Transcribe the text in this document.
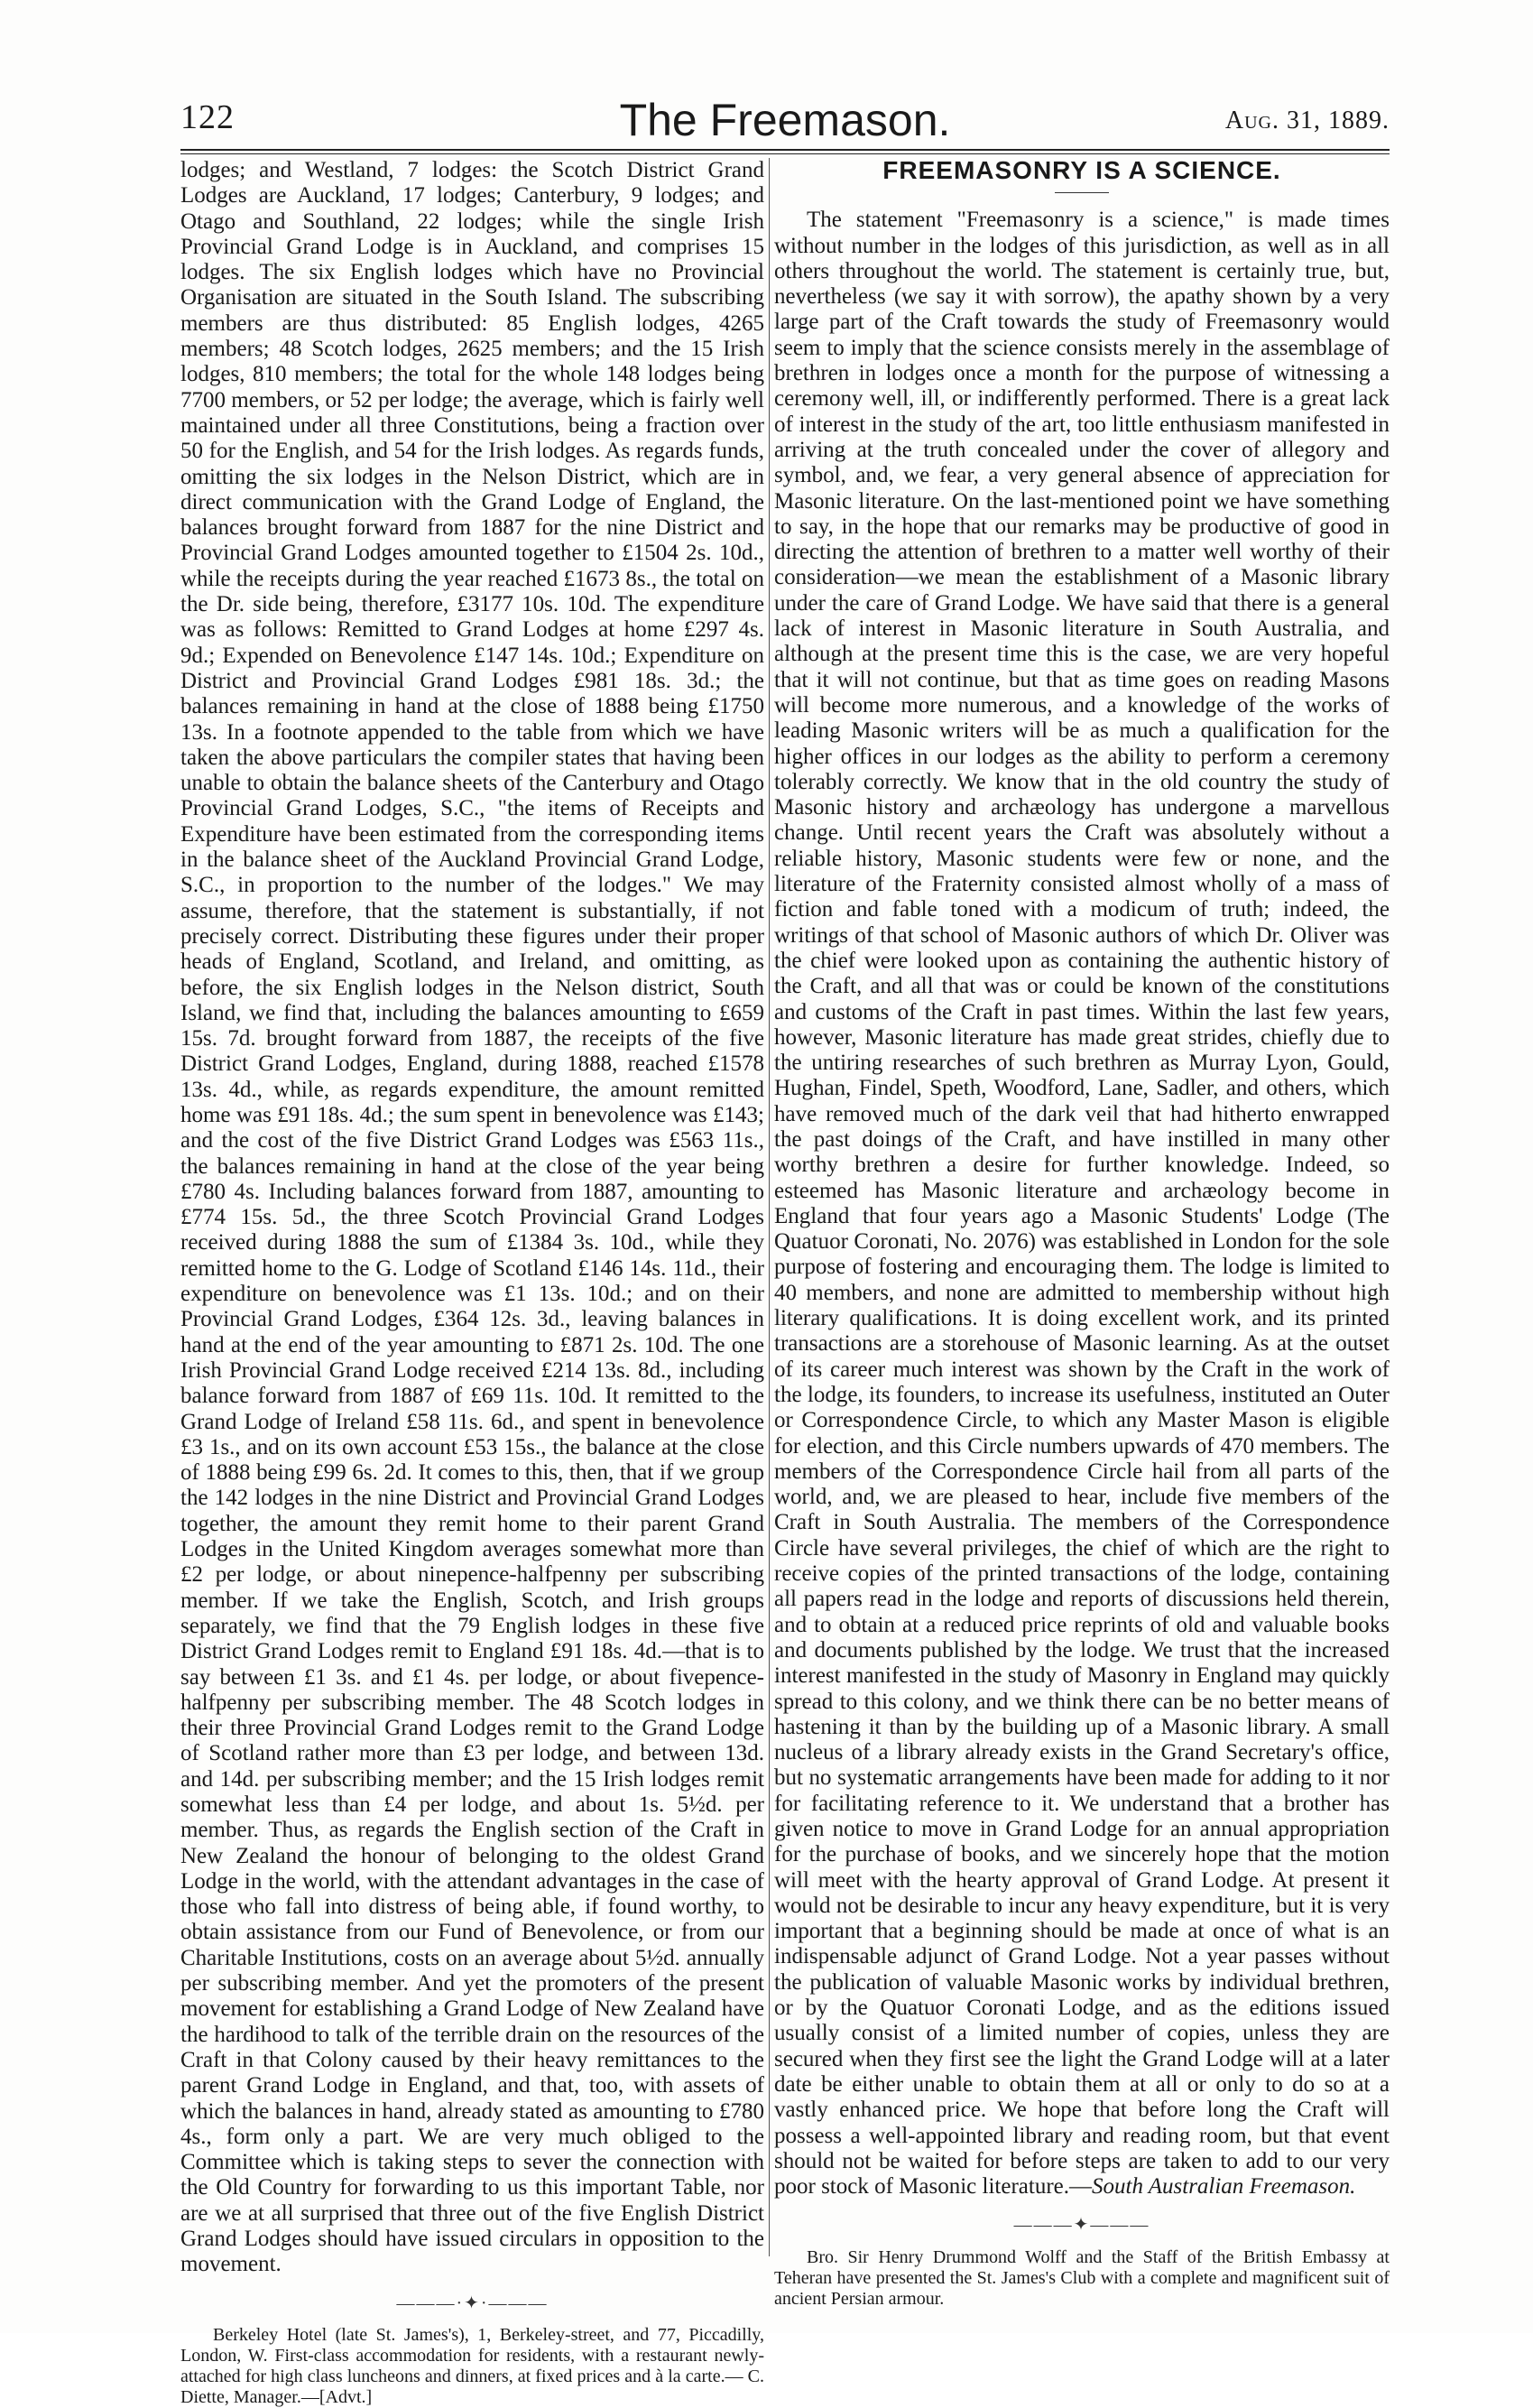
122	The Freemason.	Aug. 31, 1889.

lodges; and Westland, 7 lodges: the Scotch District Grand Lodges are Auckland, 17 lodges; Canterbury, 9 lodges; and Otago and Southland, 22 lodges; while the single Irish Provincial Grand Lodge is in Auckland, and comprises 15 lodges. The six English lodges which have no Provincial Organisation are situated in the South Island. The subscribing members are thus distributed: 85 English lodges, 4265 members; 48 Scotch lodges, 2625 members; and the 15 Irish lodges, 810 members; the total for the whole 148 lodges being 7700 members, or 52 per lodge; the average, which is fairly well maintained under all three Constitutions, being a fraction over 50 for the English, and 54 for the Irish lodges. As regards funds, omitting the six lodges in the Nelson District, which are in direct communication with the Grand Lodge of England, the balances brought forward from 1887 for the nine District and Provincial Grand Lodges amounted together to £1504 2s. 10d., while the receipts during the year reached £1673 8s., the total on the Dr. side being, therefore, £3177 10s. 10d. The expenditure was as follows: Remitted to Grand Lodges at home £297 4s. 9d.; Expended on Benevolence £147 14s. 10d.; Expenditure on District and Provincial Grand Lodges £981 18s. 3d.; the balances remaining in hand at the close of 1888 being £1750 13s. In a footnote appended to the table from which we have taken the above particulars the compiler states that having been unable to obtain the balance sheets of the Canterbury and Otago Provincial Grand Lodges, S.C., "the items of Receipts and Expenditure have been estimated from the corresponding items in the balance sheet of the Auckland Provincial Grand Lodge, S.C., in proportion to the number of the lodges." We may assume, therefore, that the statement is substantially, if not precisely correct. Distributing these figures under their proper heads of England, Scotland, and Ireland, and omitting, as before, the six English lodges in the Nelson district, South Island, we find that, including the balances amounting to £659 15s. 7d. brought forward from 1887, the receipts of the five District Grand Lodges, England, during 1888, reached £1578 13s. 4d., while, as regards expenditure, the amount remitted home was £91 18s. 4d.; the sum spent in benevolence was £143; and the cost of the five District Grand Lodges was £563 11s., the balances remaining in hand at the close of the year being £780 4s. Including balances forward from 1887, amounting to £774 15s. 5d., the three Scotch Provincial Grand Lodges received during 1888 the sum of £1384 3s. 10d., while they remitted home to the G. Lodge of Scotland £146 14s. 11d., their expenditure on benevolence was £1 13s. 10d.; and on their Provincial Grand Lodges, £364 12s. 3d., leaving balances in hand at the end of the year amounting to £871 2s. 10d. The one Irish Provincial Grand Lodge received £214 13s. 8d., including balance forward from 1887 of £69 11s. 10d. It remitted to the Grand Lodge of Ireland £58 11s. 6d., and spent in benevolence £3 1s., and on its own account £53 15s., the balance at the close of 1888 being £99 6s. 2d. It comes to this, then, that if we group the 142 lodges in the nine District and Provincial Grand Lodges together, the amount they remit home to their parent Grand Lodges in the United Kingdom averages somewhat more than £2 per lodge, or about ninepence-halfpenny per subscribing member. If we take the English, Scotch, and Irish groups separately, we find that the 79 English lodges in these five District Grand Lodges remit to England £91 18s. 4d.—that is to say between £1 3s. and £1 4s. per lodge, or about fivepence-halfpenny per subscribing member. The 48 Scotch lodges in their three Provincial Grand Lodges remit to the Grand Lodge of Scotland rather more than £3 per lodge, and between 13d. and 14d. per subscribing member; and the 15 Irish lodges remit somewhat less than £4 per lodge, and about 1s. 5½d. per member. Thus, as regards the English section of the Craft in New Zealand the honour of belonging to the oldest Grand Lodge in the world, with the attendant advantages in the case of those who fall into distress of being able, if found worthy, to obtain assistance from our Fund of Benevolence, or from our Charitable Institutions, costs on an average about 5½d. annually per subscribing member. And yet the promoters of the present movement for establishing a Grand Lodge of New Zealand have the hardihood to talk of the terrible drain on the resources of the Craft in that Colony caused by their heavy remittances to the parent Grand Lodge in England, and that, too, with assets of which the balances in hand, already stated as amounting to £780 4s., form only a part. We are very much obliged to the Committee which is taking steps to sever the connection with the Old Country for forwarding to us this important Table, nor are we at all surprised that three out of the five English District Grand Lodges should have issued circulars in opposition to the movement.

———·✦·———

Berkeley Hotel (late St. James's), 1, Berkeley-street, and 77, Piccadilly, London, W. First-class accommodation for residents, with a restaurant newly-attached for high class luncheons and dinners, at fixed prices and à la carte.— C. Diette, Manager.—[Advt.]

FREEMASONRY IS A SCIENCE.

The statement "Freemasonry is a science," is made times without number in the lodges of this jurisdiction, as well as in all others throughout the world. The statement is certainly true, but, nevertheless (we say it with sorrow), the apathy shown by a very large part of the Craft towards the study of Freemasonry would seem to imply that the science consists merely in the assemblage of brethren in lodges once a month for the purpose of witnessing a ceremony well, ill, or indifferently performed. There is a great lack of interest in the study of the art, too little enthusiasm manifested in arriving at the truth concealed under the cover of allegory and symbol, and, we fear, a very general absence of appreciation for Masonic literature. On the last-mentioned point we have something to say, in the hope that our remarks may be productive of good in directing the attention of brethren to a matter well worthy of their consideration—we mean the establishment of a Masonic library under the care of Grand Lodge. We have said that there is a general lack of interest in Masonic literature in South Australia, and although at the present time this is the case, we are very hopeful that it will not continue, but that as time goes on reading Masons will become more numerous, and a knowledge of the works of leading Masonic writers will be as much a qualification for the higher offices in our lodges as the ability to perform a ceremony tolerably correctly. We know that in the old country the study of Masonic history and archæology has undergone a marvellous change. Until recent years the Craft was absolutely without a reliable history, Masonic students were few or none, and the literature of the Fraternity consisted almost wholly of a mass of fiction and fable toned with a modicum of truth; indeed, the writings of that school of Masonic authors of which Dr. Oliver was the chief were looked upon as containing the authentic history of the Craft, and all that was or could be known of the constitutions and customs of the Craft in past times. Within the last few years, however, Masonic literature has made great strides, chiefly due to the untiring researches of such brethren as Murray Lyon, Gould, Hughan, Findel, Speth, Woodford, Lane, Sadler, and others, which have removed much of the dark veil that had hitherto enwrapped the past doings of the Craft, and have instilled in many other worthy brethren a desire for further knowledge. Indeed, so esteemed has Masonic literature and archæology become in England that four years ago a Masonic Students' Lodge (The Quatuor Coronati, No. 2076) was established in London for the sole purpose of fostering and encouraging them. The lodge is limited to 40 members, and none are admitted to membership without high literary qualifications. It is doing excellent work, and its printed transactions are a storehouse of Masonic learning. As at the outset of its career much interest was shown by the Craft in the work of the lodge, its founders, to increase its usefulness, instituted an Outer or Correspondence Circle, to which any Master Mason is eligible for election, and this Circle numbers upwards of 470 members. The members of the Correspondence Circle hail from all parts of the world, and, we are pleased to hear, include five members of the Craft in South Australia. The members of the Correspondence Circle have several privileges, the chief of which are the right to receive copies of the printed transactions of the lodge, containing all papers read in the lodge and reports of discussions held therein, and to obtain at a reduced price reprints of old and valuable books and documents published by the lodge. We trust that the increased interest manifested in the study of Masonry in England may quickly spread to this colony, and we think there can be no better means of hastening it than by the building up of a Masonic library. A small nucleus of a library already exists in the Grand Secretary's office, but no systematic arrangements have been made for adding to it nor for facilitating reference to it. We understand that a brother has given notice to move in Grand Lodge for an annual appropriation for the purchase of books, and we sincerely hope that the motion will meet with the hearty approval of Grand Lodge. At present it would not be desirable to incur any heavy expenditure, but it is very important that a beginning should be made at once of what is an indispensable adjunct of Grand Lodge. Not a year passes without the publication of valuable Masonic works by individual brethren, or by the Quatuor Coronati Lodge, and as the editions issued usually consist of a limited number of copies, unless they are secured when they first see the light the Grand Lodge will at a later date be either unable to obtain them at all or only to do so at a vastly enhanced price. We hope that before long the Craft will possess a well-appointed library and reading room, but that event should not be waited for before steps are taken to add to our very poor stock of Masonic literature.—South Australian Freemason.

———✦———

Bro. Sir Henry Drummond Wolff and the Staff of the British Embassy at Teheran have presented the St. James's Club with a complete and magnificent suit of ancient Persian armour.
